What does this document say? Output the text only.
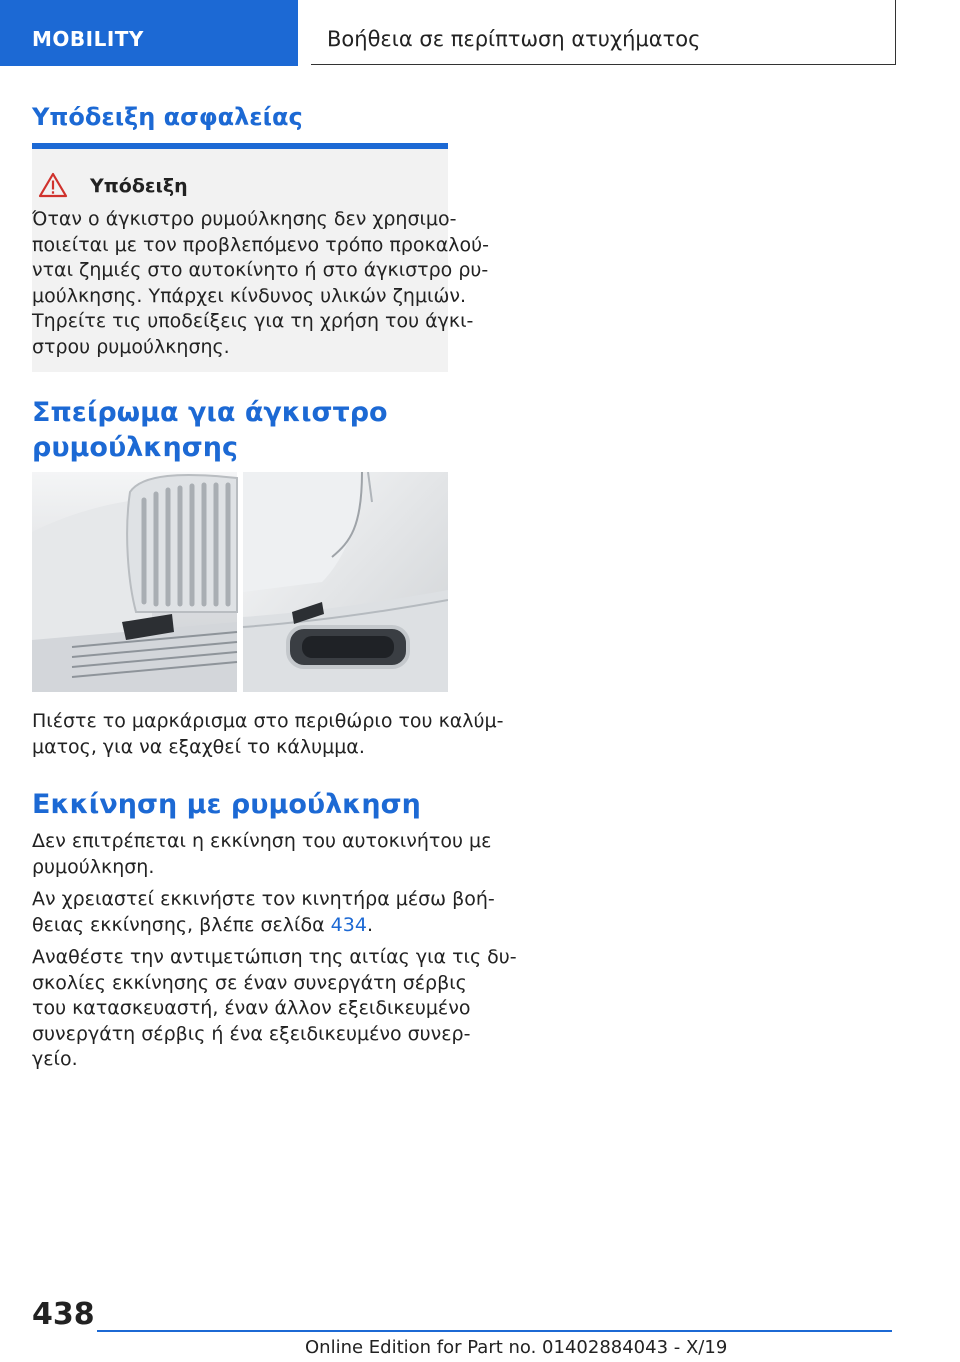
MOBILITY	Βοήθεια σε περίπτωση ατυχήματος
Υπόδειξη ασφαλείας
Υπόδειξη
Όταν ο άγκιστρο ρυμούλκησης δεν χρησιμο-
ποιείται με τον προβλεπόμενο τρόπο προκαλού-
νται ζημιές στο αυτοκίνητο ή στο άγκιστρο ρυ-
μούλκησης. Υπάρχει κίνδυνος υλικών ζημιών.
Τηρείτε τις υποδείξεις για τη χρήση του άγκι-
στρου ρυμούλκησης.
Σπείρωμα για άγκιστρο
ρυμούλκησης
Πιέστε το μαρκάρισμα στο περιθώριο του καλύμ-
ματος, για να εξαχθεί το κάλυμμα.
Εκκίνηση με ρυμούλκηση
Δεν επιτρέπεται η εκκίνηση του αυτοκινήτου με
ρυμούλκηση.
Αν χρειαστεί εκκινήστε τον κινητήρα μέσω βοή-
θειας εκκίνησης, βλέπε σελίδα 434.
Αναθέστε την αντιμετώπιση της αιτίας για τις δυ-
σκολίες εκκίνησης σε έναν συνεργάτη σέρβις
του κατασκευαστή, έναν άλλον εξειδικευμένο
συνεργάτη σέρβις ή ένα εξειδικευμένο συνερ-
γείο.
438
Online Edition for Part no. 01402884043 - X/19
